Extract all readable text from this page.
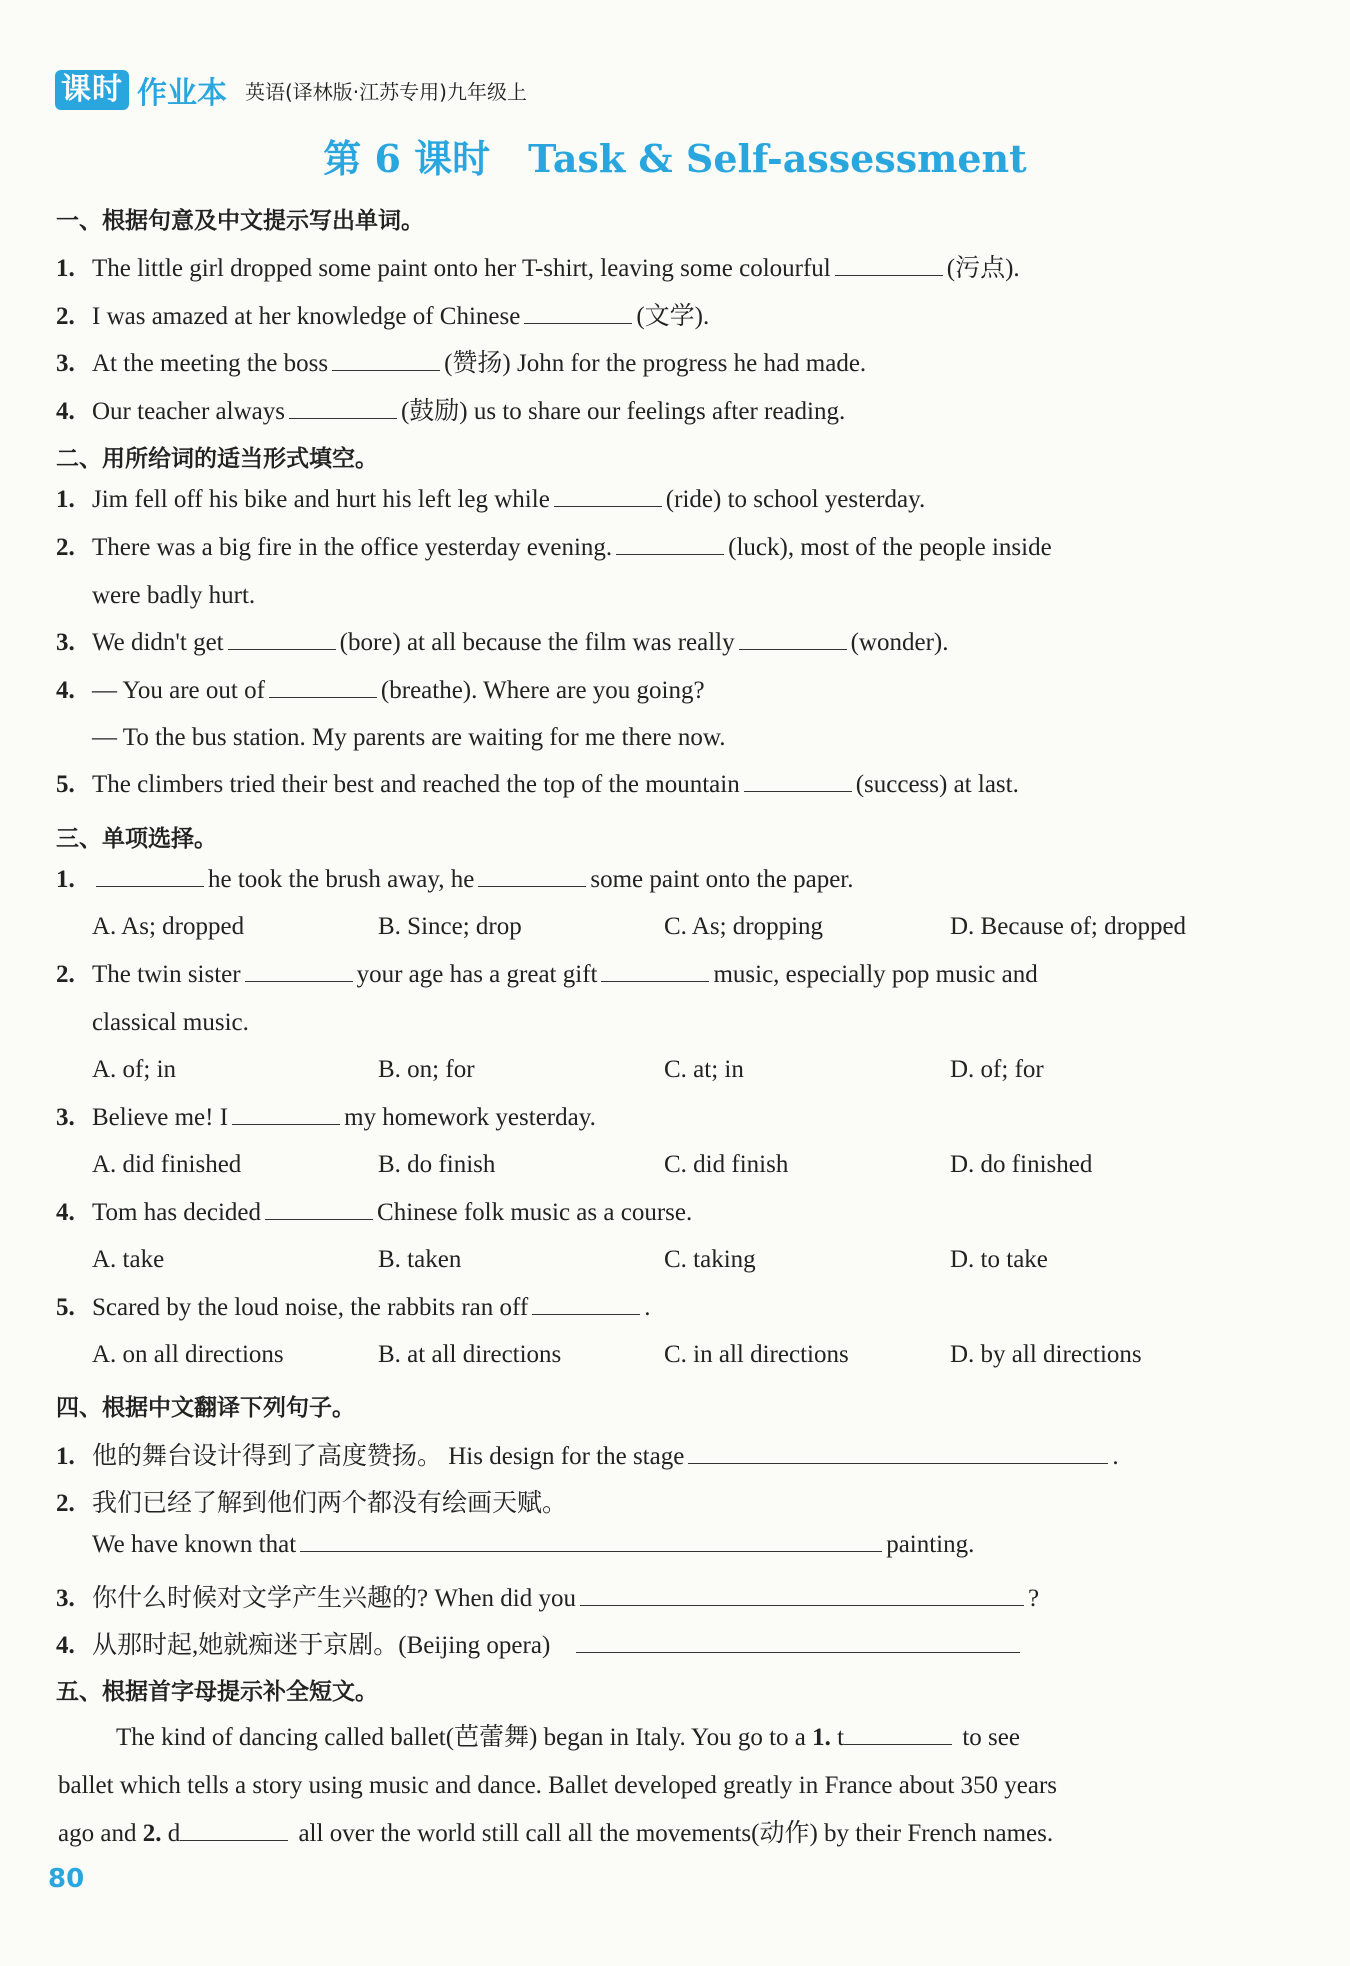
课时 作业本 英语(译林版·江苏专用)九年级上
第 6 课时　Task & Self-assessment
一、根据句意及中文提示写出单词。
1. The little girl dropped some paint onto her T-shirt, leaving some colourful	(污点).
2. I was amazed at her knowledge of Chinese	(文学).
3. At the meeting the boss	(赞扬) John for the progress he had made.
4. Our teacher always	(鼓励) us to share our feelings after reading.
二、用所给词的适当形式填空。
1. Jim fell off his bike and hurt his left leg while	(ride) to school yesterday.
2. There was a big fire in the office yesterday evening.	(luck), most of the people inside
were badly hurt.
3. We didn't get	(bore) at all because the film was really	(wonder).
4. — You are out of	(breathe). Where are you going?
— To the bus station. My parents are waiting for me there now.
5. The climbers tried their best and reached the top of the mountain	(success) at last.
三、单项选择。
1.	he took the brush away, he	some paint onto the paper.
A. As; dropped	B. Since; drop	C. As; dropping	D. Because of; dropped
2. The twin sister	your age has a great gift	music, especially pop music and
classical music.
A. of; in	B. on; for	C. at; in	D. of; for
3. Believe me! I	my homework yesterday.
A. did finished	B. do finish	C. did finish	D. do finished
4. Tom has decided	Chinese folk music as a course.
A. take	B. taken	C. taking	D. to take
5. Scared by the loud noise, the rabbits ran off	.
A. on all directions	B. at all directions	C. in all directions	D. by all directions
四、根据中文翻译下列句子。
1. 他的舞台设计得到了高度赞扬。 His design for the stage	.
2. 我们已经了解到他们两个都没有绘画天赋。
We have known that	painting.
3. 你什么时候对文学产生兴趣的? When did you	?
4. 从那时起,她就痴迷于京剧。(Beijing opera)
五、根据首字母提示补全短文。
The kind of dancing called ballet(芭蕾舞) began in Italy. You go to a 1. t	to see
ballet which tells a story using music and dance. Ballet developed greatly in France about 350 years
ago and 2. d	all over the world still call all the movements(动作) by their French names.
80
